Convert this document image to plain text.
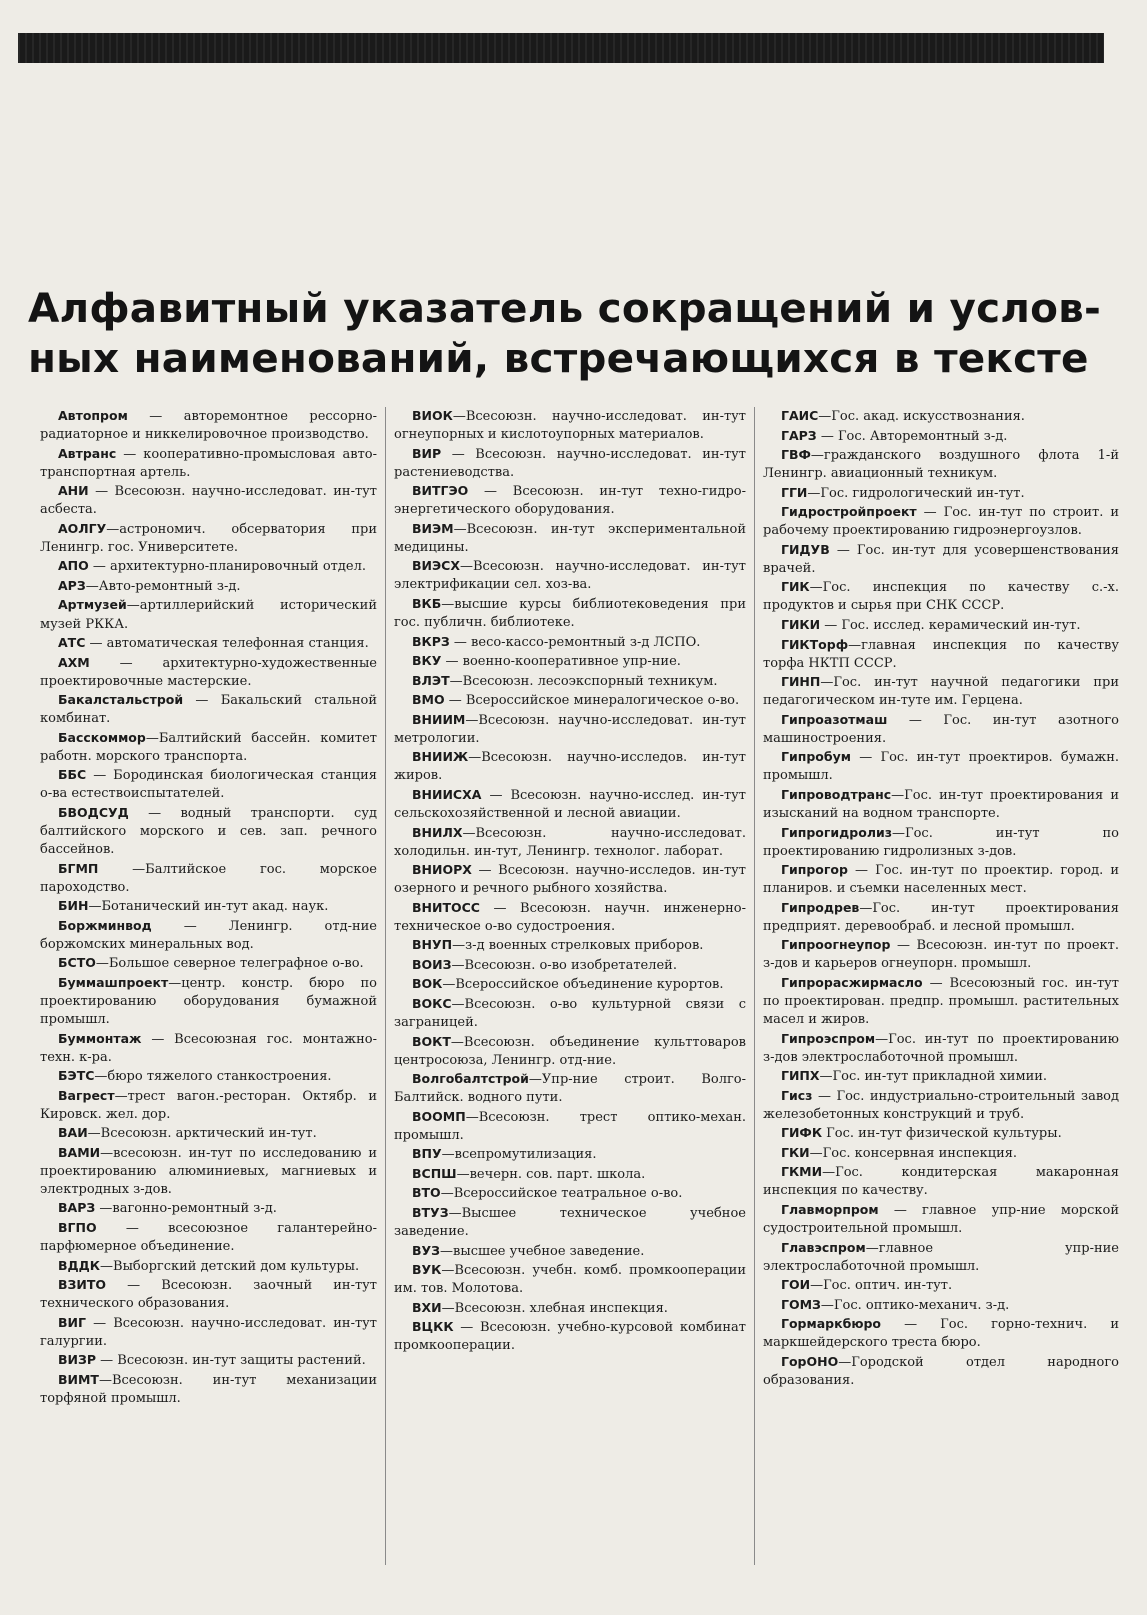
Алфавитный указатель сокращений и услов-
ных наименований, встречающихся в тексте

Автопром — авторемонтное рессорно-радиаторное и никкелировочное производство.

Автранс — кооперативно-промысловая авто-транспортная артель.

АНИ — Всесоюзн. научно-исследоват. ин-тут асбеста.

АОЛГУ—астрономич. обсерватория при Ленингр. гос. Университете.

АПО — архитектурно-планировочный отдел.

АРЗ—Авто-ремонтный з-д.

Артмузей—артиллерийский исторический музей РККА.

АТС — автоматическая телефонная станция.

АХМ — архитектурно-художественные проектировочные мастерские.

Бакалстальстрой — Бакальский стальной комбинат.

Басскоммор—Балтийский бассейн. комитет работн. морского транспорта.

ББС — Бородинская биологическая станция о-ва естествоиспытателей.

БВОДСУД — водный транспорти. суд балтийского морского и сев. зап. речного бассейнов.

БГМП —Балтийское гос. морское пароходство.

БИН—Ботанический ин-тут акад. наук.

Боржминвод — Ленингр. отд-ние боржомских минеральных вод.

БСТО—Большое северное телеграфное о-во.

Буммашпроект—центр. констр. бюро по проектированию оборудования бумажной промышл.

Буммонтаж — Всесоюзная гос. монтажно-техн. к-ра.

БЭТС—бюро тяжелого станкостроения.

Вагрест—трест вагон.-ресторан. Октябр. и Кировск. жел. дор.

ВАИ—Всесоюзн. арктический ин-тут.

ВАМИ—всесоюзн. ин-тут по исследованию и проектированию алюминиевых, магниевых и электродных з-дов.

ВАРЗ —вагонно-ремонтный з-д.

ВГПО — всесоюзное галантерейно-парфюмерное объединение.

ВДДК—Выборгский детский дом культуры.

ВЗИТО — Всесоюзн. заочный ин-тут технического образования.

ВИГ — Всесоюзн. научно-исследоват. ин-тут галургии.

ВИЗР — Всесоюзн. ин-тут защиты растений.

ВИМТ—Всесоюзн. ин-тут механизации торфяной промышл.

ВИОК—Всесоюзн. научно-исследоват. ин-тут огнеупорных и кислотоупорных материалов.

ВИР — Всесоюзн. научно-исследоват. ин-тут растениеводства.

ВИТГЭО — Всесоюзн. ин-тут техно-гидро-энергетического оборудования.

ВИЭМ—Всесоюзн. ин-тут экспериментальной медицины.

ВИЭСХ—Всесоюзн. научно-исследоват. ин-тут электрификации сел. хоз-ва.

ВКБ—высшие курсы библиотековедения при гос. публичн. библиотеке.

ВКРЗ — весо-кассо-ремонтный з-д ЛСПО.

ВКУ — военно-кооперативное упр-ние.

ВЛЭТ—Всесоюзн. лесоэкспорный техникум.

ВМО — Всероссийское минералогическое о-во.

ВНИИМ—Всесоюзн. научно-исследоват. ин-тут метрологии.

ВНИИЖ—Всесоюзн. научно-исследов. ин-тут жиров.

ВНИИСХА — Всесоюзн. научно-исслед. ин-тут сельскохозяйственной и лесной авиации.

ВНИЛХ—Всесоюзн. научно-исследоват. холодильн. ин-тут, Ленингр. технолог. лаборат.

ВНИОРХ — Всесоюзн. научно-исследов. ин-тут озерного и речного рыбного хозяйства.

ВНИТОСС — Всесоюзн. научн. инженерно-техническое о-во судостроения.

ВНУП—з-д военных стрелковых приборов.

ВОИЗ—Всесоюзн. о-во изобретателей.

ВОК—Всероссийское объединение курортов.

ВОКС—Всесоюзн. о-во культурной связи с заграницей.

ВОКТ—Всесоюзн. объединение культтоваров центросоюза, Ленингр. отд-ние.

Волгобалтстрой—Упр-ние строит. Волго-Балтийск. водного пути.

ВООМП—Всесоюзн. трест оптико-механ. промышл.

ВПУ—всепромутилизация.

ВСПШ—вечерн. сов. парт. школа.

ВТО—Всероссийское театральное о-во.

ВТУЗ—Высшее техническое учебное заведение.

ВУЗ—высшее учебное заведение.

ВУК—Всесоюзн. учебн. комб. промкооперации им. тов. Молотова.

ВХИ—Всесоюзн. хлебная инспекция.

ВЦКК — Всесоюзн. учебно-курсовой комбинат промкооперации.

ГАИС—Гос. акад. искусствознания.

ГАРЗ — Гос. Авторемонтный з-д.

ГВФ—гражданского воздушного флота 1-й Ленингр. авиационный техникум.

ГГИ—Гос. гидрологический ин-тут.

Гидростройпроект — Гос. ин-тут по строит. и рабочему проектированию гидроэнергоузлов.

ГИДУВ — Гос. ин-тут для усовершенствования врачей.

ГИК—Гос. инспекция по качеству с.-х. продуктов и сырья при СНК СССР.

ГИКИ — Гос. исслед. керамический ин-тут.

ГИКТорф—главная инспекция по качеству торфа НКТП СССР.

ГИНП—Гос. ин-тут научной педагогики при педагогическом ин-туте им. Герцена.

Гипроазотмаш — Гос. ин-тут азотного машиностроения.

Гипробум — Гос. ин-тут проектиров. бумажн. промышл.

Гипроводтранс—Гос. ин-тут проектирования и изысканий на водном транспорте.

Гипрогидролиз—Гос. ин-тут по проектированию гидролизных з-дов.

Гипрогор — Гос. ин-тут по проектир. город. и планиров. и съемки населенных мест.

Гипродрев—Гос. ин-тут проектирования предприят. деревообраб. и лесной промышл.

Гипроогнеупор — Всесоюзн. ин-тут по проект. з-дов и карьеров огнеупорн. промышл.

Гипрорасжирмасло — Всесоюзный гос. ин-тут по проектирован. предпр. промышл. растительных масел и жиров.

Гипроэспром—Гос. ин-тут по проектированию з-дов электрослаботочной промышл.

ГИПХ—Гос. ин-тут прикладной химии.

Гисз — Гос. индустриально-строительный завод железобетонных конструкций и труб.

ГИФК Гос. ин-тут физической культуры.

ГКИ—Гос. консервная инспекция.

ГКМИ—Гос. кондитерская макаронная инспекция по качеству.

Главморпром — главное упр-ние морской судостроительной промышл.

Главэспром—главное упр-ние электрослаботочной промышл.

ГОИ—Гос. оптич. ин-тут.

ГОМЗ—Гос. оптико-механич. з-д.

Гормаркбюро — Гос. горно-технич. и маркшейдерского треста бюро.

ГорОНО—Городской отдел народного образования.
